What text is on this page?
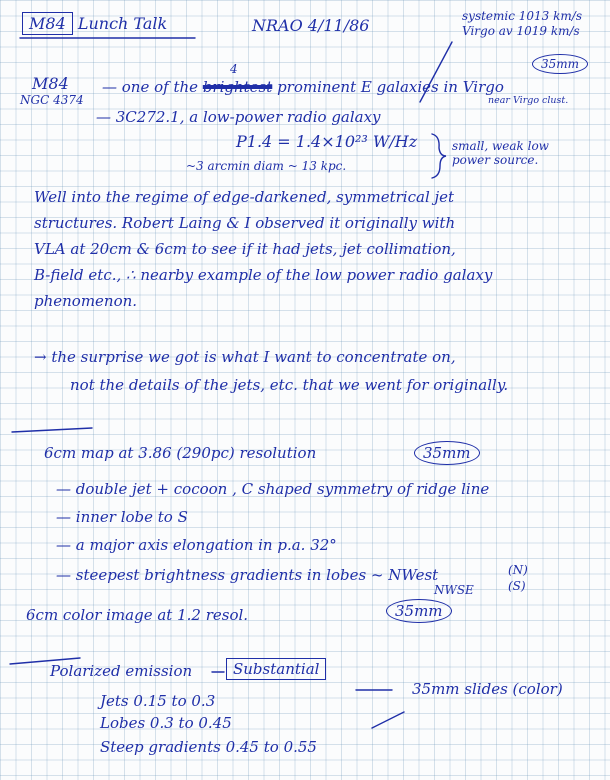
M84 Lunch Talk	NRAO 4/11/86	systemic 1013 km/s
Virgo av 1019 km/s
35mm
M84
NGC 4374
— one of the brightest prominent E galaxies in Virgo
4
near Virgo clust.
— 3C272.1, a low-power radio galaxy
P1.4 = 1.4×10²³ W/Hz
~3 arcmin diam ~ 13 kpc.
small, weak low
power source.
Well into the regime of edge-darkened, symmetrical jet
structures. Robert Laing & I observed it originally with
VLA at 20cm & 6cm to see if it had jets, jet collimation,
B-field etc., ∴ nearby example of the low power radio galaxy
phenomenon.
→ the surprise we got is what I want to concentrate on,
not the details of the jets, etc. that we went for originally.
6cm map at 3.86 (290pc) resolution	35mm
— double jet + cocoon , C shaped symmetry of ridge line
— inner lobe to S
— a major axis elongation in p.a. 32°
— steepest brightness gradients in lobes ~ NWest
NWSE
(N)
(S)
6cm color image at 1.2 resol.	35mm
Polarized emission	Substantial
Jets 0.15 to 0.3
Lobes 0.3 to 0.45
Steep gradients 0.45 to 0.55
35mm slides (color)
